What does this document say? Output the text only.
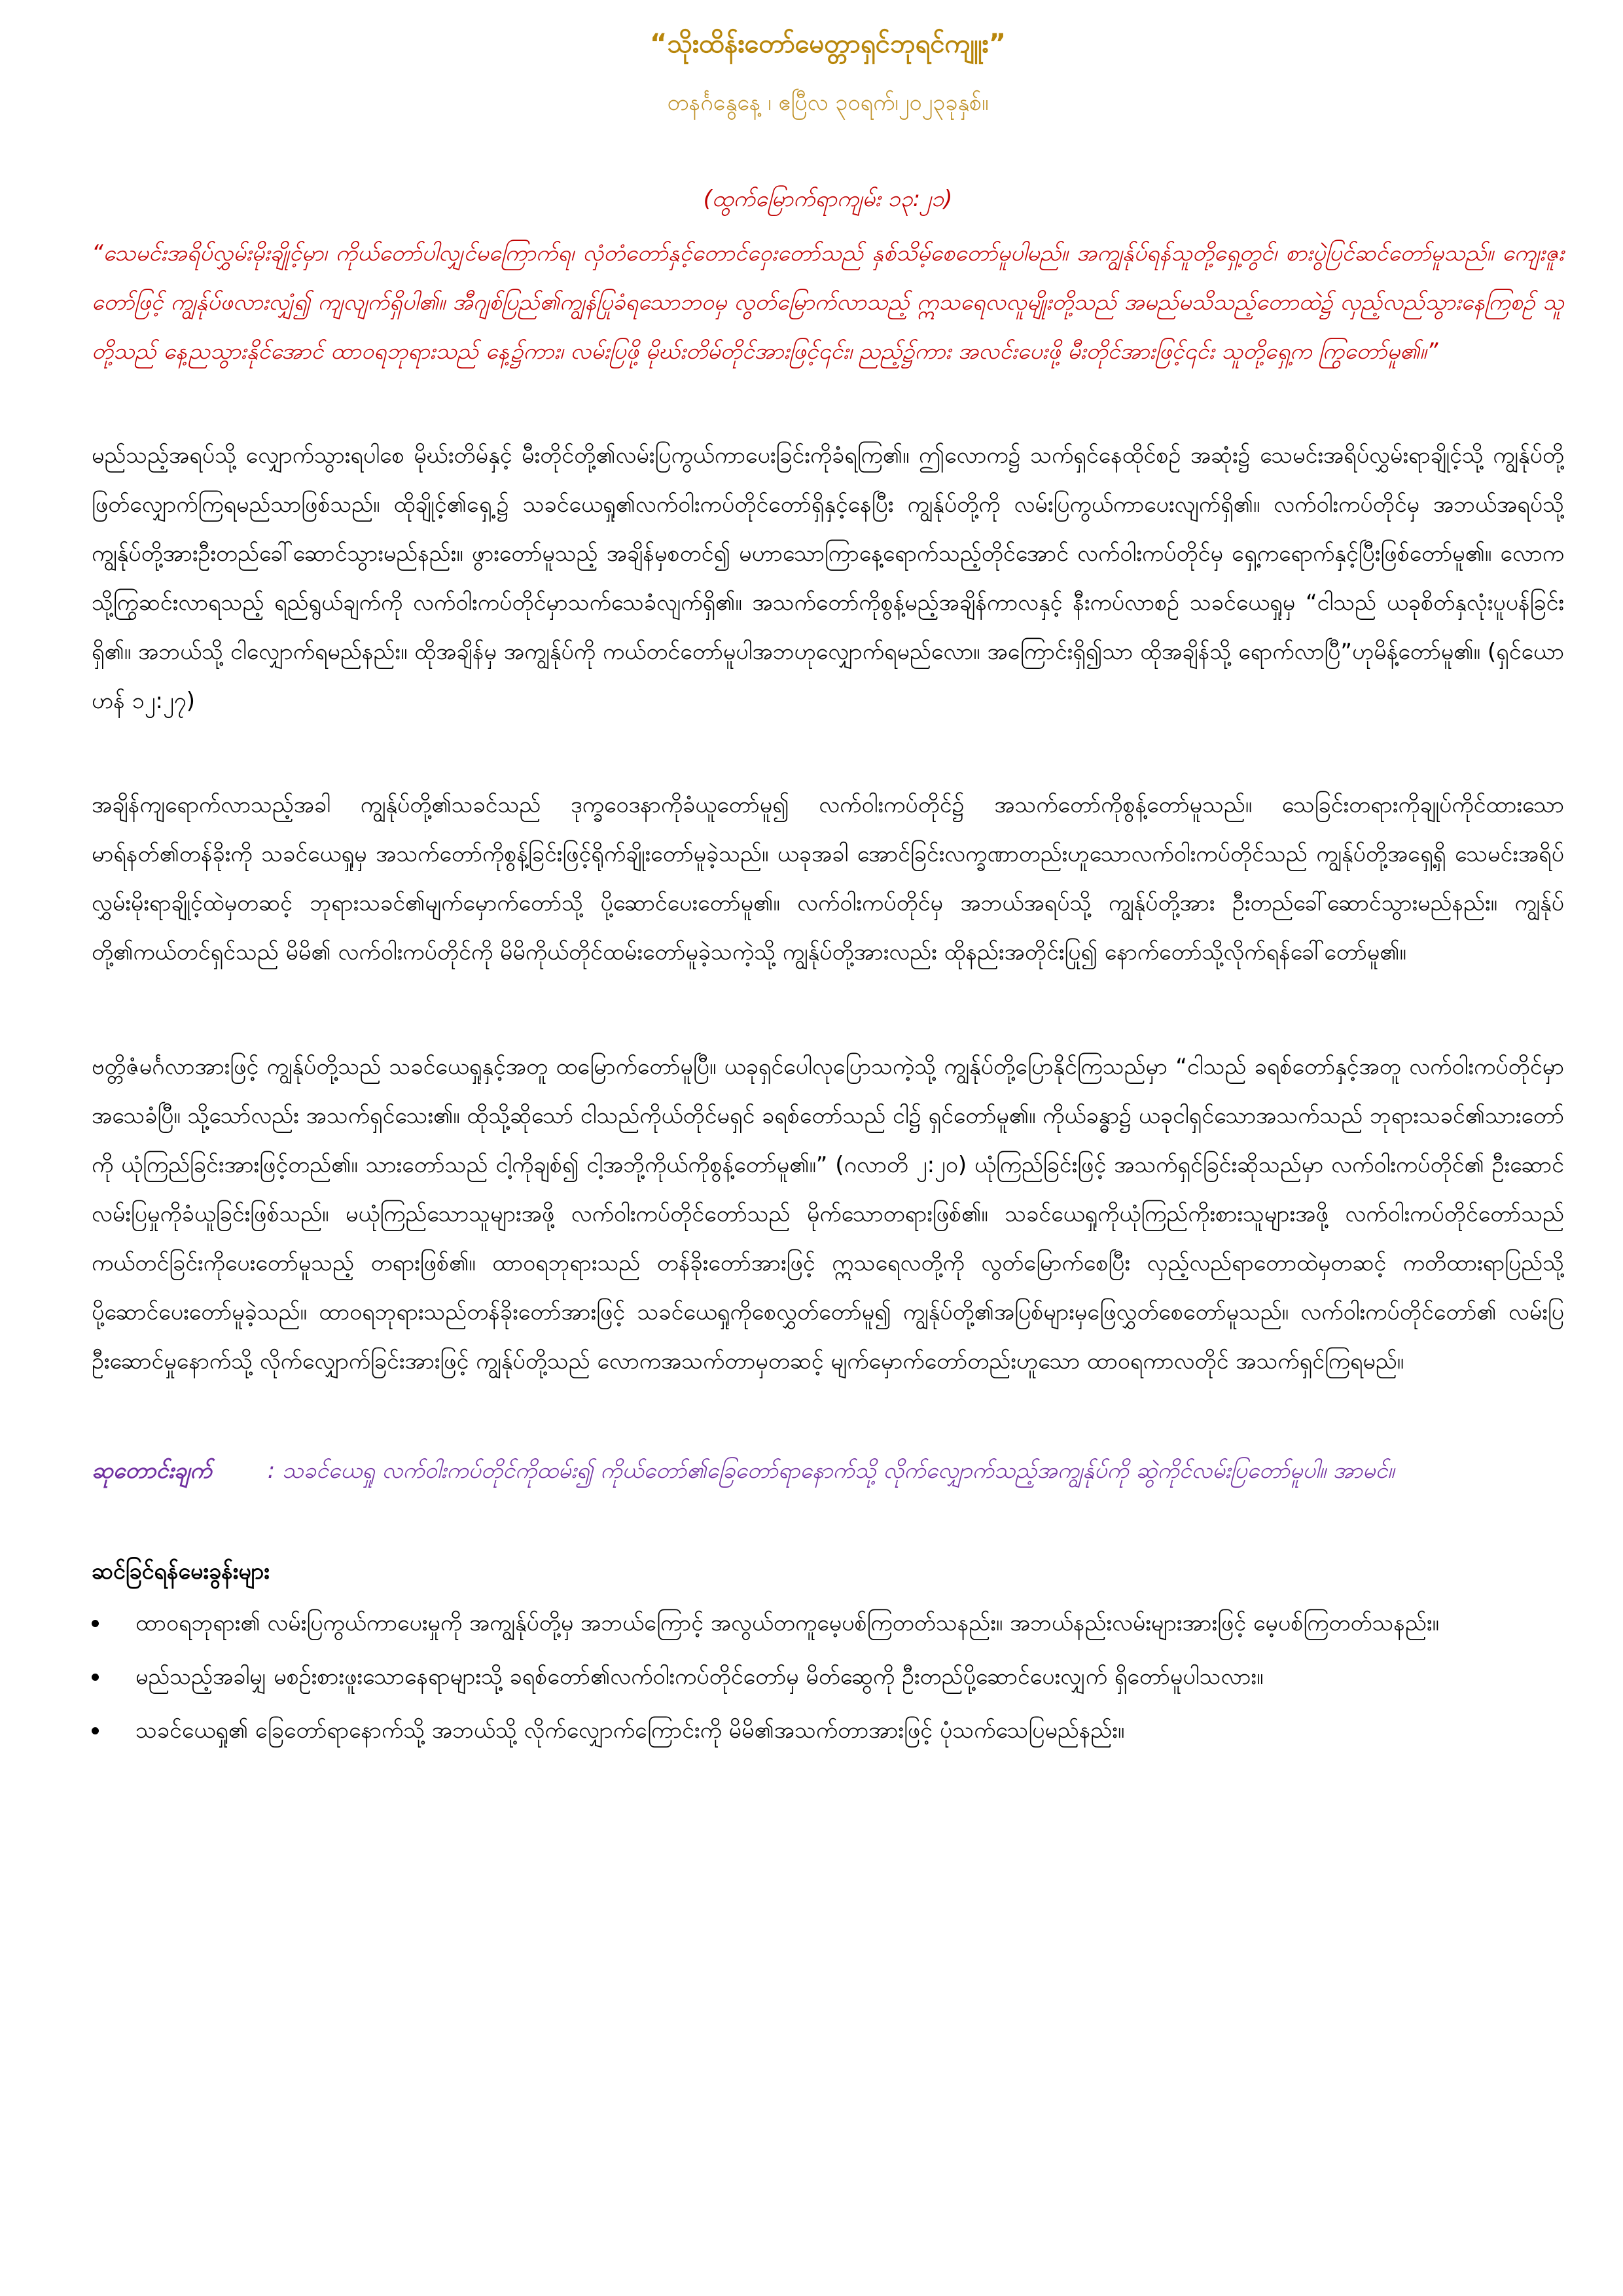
“သိုးထိန်းတော်မေတ္တာရှင်ဘုရင်ကျူး”
တနင်္ဂနွေနေ့ ၊ ဧပြီလ ၃၀ရက်၊၂၀၂၃ခုနှစ်။
(ထွက်မြောက်ရာကျမ်း ၁၃:၂၁)
“သေမင်းအရိပ်လွှမ်းမိုးချိုင့်မှာ၊ ကိုယ်တော်ပါလျှင်မကြောက်ရ၊ လှံတံတော်နှင့်တောင်ဝှေးတော်သည် နှစ်သိမ့်စေတော်မူပါမည်။ အကျွန်ုပ်ရန်သူတို့ရှေ့တွင်၊ စားပွဲပြင်ဆင်တော်မူသည်။ ကျေးဇူးတော်ဖြင့် ကျွန်ုပ်ဖလားလျှံ၍ ကျလျက်ရှိပါ၏။ အီဂျစ်ပြည်၏ကျွန်ပြုခံရသောဘဝမှ လွတ်မြောက်လာသည့် ဣသရေလလူမျိုးတို့သည် အမည်မသိသည့်တောထဲ၌ လှည့်လည်သွားနေကြစဉ် သူတို့သည် နေ့ညသွားနိုင်အောင် ထာဝရဘုရားသည် နေ့၌ကား၊ လမ်းပြဖို့ မိုဃ်းတိမ်တိုင်အားဖြင့်၎င်း၊ ညည့်၌ကား အလင်းပေးဖို့ မီးတိုင်အားဖြင့်၎င်း သူတို့ရှေ့က ကြွတော်မူ၏။”
မည်သည့်အရပ်သို့ လျှောက်သွားရပါစေ မိုဃ်းတိမ်နှင့် မီးတိုင်တို့၏လမ်းပြကွယ်ကာပေးခြင်းကိုခံရကြ၏။ ဤလောက၌ သက်ရှင်နေထိုင်စဉ် အဆုံး၌ သေမင်းအရိပ်လွှမ်းရာချိုင့်သို့ ကျွန်ုပ်တို့ဖြတ်လျှောက်ကြရမည်သာဖြစ်သည်။ ထိုချိုင့်၏ရှေ့၌ သခင်ယေရှု၏လက်ဝါးကပ်တိုင်တော်ရှိနှင့်နေပြီး ကျွန်ုပ်တို့ကို လမ်းပြကွယ်ကာပေးလျက်ရှိ၏။ လက်ဝါးကပ်တိုင်မှ အဘယ်အရပ်သို့ ကျွန်ုပ်တို့အားဦးတည်ခေါ်ဆောင်သွားမည်နည်း။ ဖွားတော်မူသည့် အချိန်မှစတင်၍ မဟာသောကြာနေ့ရောက်သည့်တိုင်အောင် လက်ဝါးကပ်တိုင်မှ ရှေ့ကရောက်နှင့်ပြီးဖြစ်တော်မူ၏။ လောကသို့ကြွဆင်းလာရသည့် ရည်ရွယ်ချက်ကို လက်ဝါးကပ်တိုင်မှာသက်သေခံလျက်ရှိ၏။ အသက်တော်ကိုစွန့်မည့်အချိန်ကာလနှင့် နီးကပ်လာစဉ် သခင်ယေရှုမှ “ငါသည် ယခုစိတ်နှလုံးပူပန်ခြင်းရှိ၏။ အဘယ်သို့ ငါလျှောက်ရမည်နည်း။ ထိုအချိန်မှ အကျွန်ုပ်ကို ကယ်တင်တော်မူပါအဘဟုလျှောက်ရမည်လော။ အကြောင်းရှိ၍သာ ထိုအချိန်သို့ ရောက်လာပြီ”ဟုမိန့်တော်မူ၏။ (ရှင်ယောဟန် ၁၂:၂၇)
အချိန်ကျရောက်လာသည့်အခါ ကျွန်ုပ်တို့၏သခင်သည် ဒုက္ခဝေဒနာကိုခံယူတော်မူ၍ လက်ဝါးကပ်တိုင်၌ အသက်တော်ကိုစွန့်တော်မူသည်။ သေခြင်းတရားကိုချုပ်ကိုင်ထားသော မာရ်နတ်၏တန်ခိုးကို သခင်ယေရှုမှ အသက်တော်ကိုစွန့်ခြင်းဖြင့်ရိုက်ချိုးတော်မူခဲ့သည်။ ယခုအခါ အောင်ခြင်းလက္ခဏာတည်းဟူသောလက်ဝါးကပ်တိုင်သည် ကျွန်ုပ်တို့အရှေ့ရှိ သေမင်းအရိပ်လွှမ်းမိုးရာချိုင့်ထဲမှတဆင့် ဘုရားသခင်၏မျက်မှောက်တော်သို့ ပို့ဆောင်ပေးတော်မူ၏။ လက်ဝါးကပ်တိုင်မှ အဘယ်အရပ်သို့ ကျွန်ုပ်တို့အား ဦးတည်ခေါ်ဆောင်သွားမည်နည်း။ ကျွန်ုပ်တို့၏ကယ်တင်ရှင်သည် မိမိ၏ လက်ဝါးကပ်တိုင်ကို မိမိကိုယ်တိုင်ထမ်းတော်မူခဲ့သကဲ့သို့ ကျွန်ုပ်တို့အားလည်း ထိုနည်းအတိုင်းပြု၍ နောက်တော်သို့လိုက်ရန်ခေါ်တော်မူ၏။
ဗတ္တိဇံမင်္ဂလာအားဖြင့် ကျွန်ုပ်တို့သည် သခင်ယေရှုနှင့်အတူ ထမြောက်တော်မူပြီ။ ယခုရှင်ပေါလုပြောသကဲ့သို့ ကျွန်ုပ်တို့ပြောနိုင်ကြသည်မှာ “ငါသည် ခရစ်တော်နှင့်အတူ လက်ဝါးကပ်တိုင်မှာ အသေခံပြီ။ သို့သော်လည်း အသက်ရှင်သေး၏။ ထိုသို့ဆိုသော် ငါသည်ကိုယ်တိုင်မရှင် ခရစ်တော်သည် ငါ၌ ရှင်တော်မူ၏။ ကိုယ်ခန္ဓာ၌ ယခုငါရှင်သောအသက်သည် ဘုရားသခင်၏သားတော်ကို ယုံကြည်ခြင်းအားဖြင့်တည်၏။ သားတော်သည် ငါ့ကိုချစ်၍ ငါ့အဘို့ကိုယ်ကိုစွန့်တော်မူ၏။” (ဂလာတိ ၂:၂၀) ယုံကြည်ခြင်းဖြင့် အသက်ရှင်ခြင်းဆိုသည်မှာ လက်ဝါးကပ်တိုင်၏ ဦးဆောင်လမ်းပြမှုကိုခံယူခြင်းဖြစ်သည်။ မယုံကြည်သောသူများအဖို့ လက်ဝါးကပ်တိုင်တော်သည် မိုက်သောတရားဖြစ်၏။ သခင်ယေရှုကိုယုံကြည်ကိုးစားသူများအဖို့ လက်ဝါးကပ်တိုင်တော်သည် ကယ်တင်ခြင်းကိုပေးတော်မူသည့် တရားဖြစ်၏။ ထာဝရဘုရားသည် တန်ခိုးတော်အားဖြင့် ဣသရေလတို့ကို လွတ်မြောက်စေပြီး လှည့်လည်ရာတောထဲမှတဆင့် ကတိထားရာပြည်သို့ ပို့ဆောင်ပေးတော်မူခဲ့သည်။ ထာဝရဘုရားသည်တန်ခိုးတော်အားဖြင့် သခင်ယေရှုကိုစေလွှတ်တော်မူ၍ ကျွန်ုပ်တို့၏အပြစ်များမှဖြေလွှတ်စေတော်မူသည်။ လက်ဝါးကပ်တိုင်တော်၏ လမ်းပြဦးဆောင်မှုနောက်သို့ လိုက်လျှောက်ခြင်းအားဖြင့် ကျွန်ုပ်တို့သည် လောကအသက်တာမှတဆင့် မျက်မှောက်တော်တည်းဟူသော ထာဝရကာလတိုင် အသက်ရှင်ကြရမည်။
ဆုတောင်းချက်	: သခင်ယေရှု လက်ဝါးကပ်တိုင်ကိုထမ်း၍ ကိုယ်တော်၏ခြေတော်ရာနောက်သို့ လိုက်လျှောက်သည့်အကျွန်ုပ်ကို ဆွဲကိုင်လမ်းပြတော်မူပါ။ အာမင်။
ဆင်ခြင်ရန်မေးခွန်းများ
ထာဝရဘုရား၏ လမ်းပြကွယ်ကာပေးမှုကို အကျွန်ုပ်တို့မှ အဘယ်ကြောင့် အလွယ်တကူမေ့ပစ်ကြတတ်သနည်း။ အဘယ်နည်းလမ်းများအားဖြင့် မေ့ပစ်ကြတတ်သနည်း။
မည်သည့်အခါမျှ မစဉ်းစားဖူးသောနေရာများသို့ ခရစ်တော်၏လက်ဝါးကပ်တိုင်တော်မှ မိတ်ဆွေကို ဦးတည်ပို့ဆောင်ပေးလျှက် ရှိတော်မူပါသလား။
သခင်ယေရှု၏ ခြေတော်ရာနောက်သို့ အဘယ်သို့ လိုက်လျှောက်ကြောင်းကို မိမိ၏အသက်တာအားဖြင့် ပုံသက်သေပြမည်နည်း။
